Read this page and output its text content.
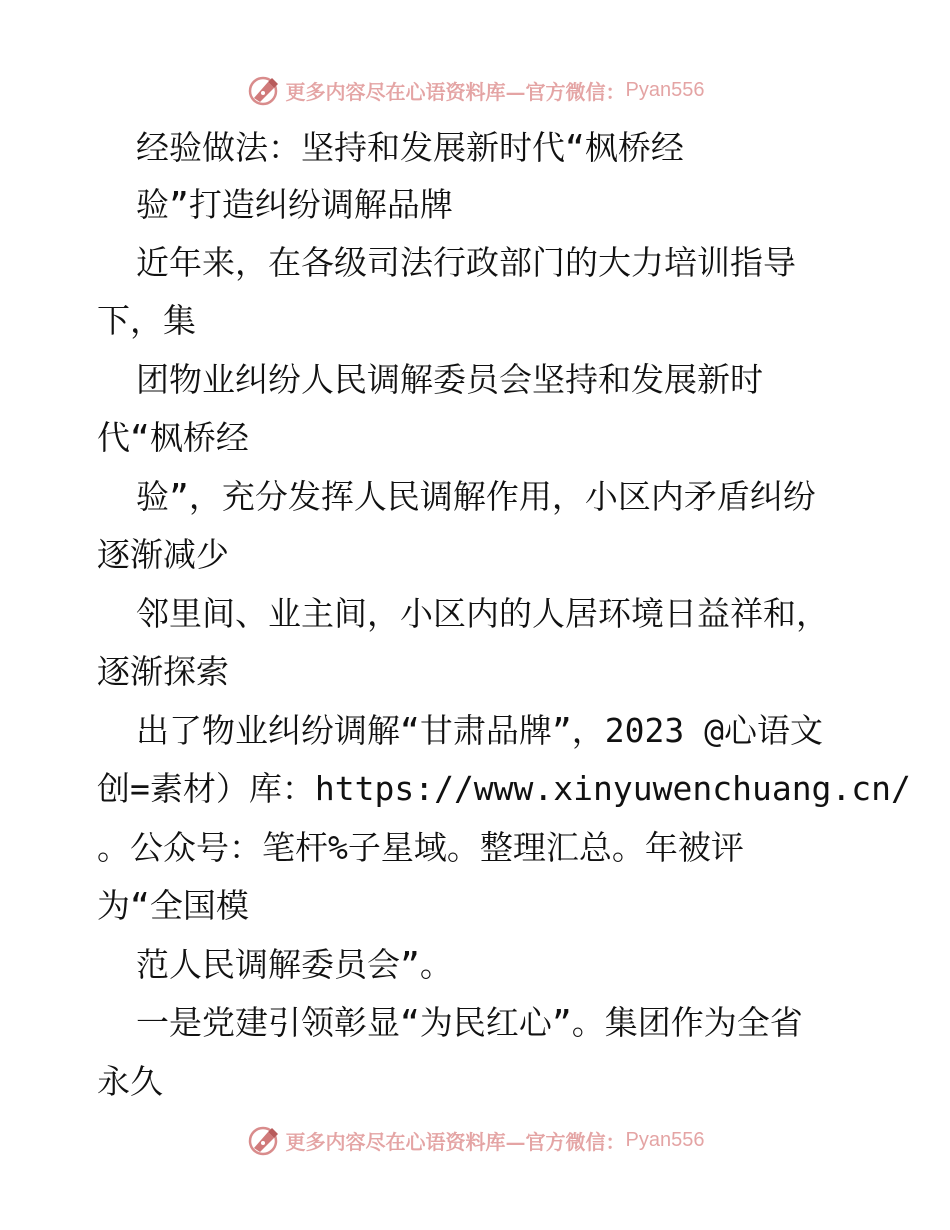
更多内容尽在心语资料库—官方微信： Pyan556
经验做法：坚持和发展新时代“枫桥经
验”打造纠纷调解品牌
近年来，在各级司法行政部门的大力培训指导
下，集
团物业纠纷人民调解委员会坚持和发展新时
代“枫桥经
验”，充分发挥人民调解作用，小区内矛盾纠纷
逐渐减少
邻里间、业主间，小区内的人居环境日益祥和，
逐渐探索
出了物业纠纷调解“甘肃品牌”，2023 @心语文
创=素材）库：https://www.xinyuwenchuang.cn/
。公众号：笔杆%子星域。整理汇总。年被评
为“全国模
范人民调解委员会”。
一是党建引领彰显“为民红心”。集团作为全省
永久
更多内容尽在心语资料库—官方微信： Pyan556
